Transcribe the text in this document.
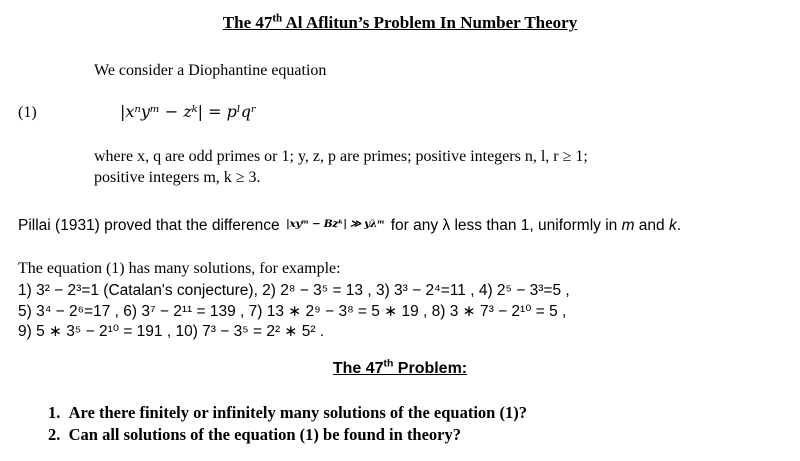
The 47th Al Aflitun’s Problem In Number Theory
We consider a Diophantine equation
(1)	|xⁿyᵐ − zᵏ| = pˡqʳ
where x, q are odd primes or 1; y, z, p are primes; positive integers n, l, r ≥ 1;
positive integers m, k ≥ 3.
Pillai (1931) proved that the difference |xyᵐ − Bzᵏ| ≫ yλᵐ for any λ less than 1, uniformly in m and k.
The equation (1) has many solutions, for example:
1) 3² − 2³=1 (Catalan's conjecture), 2) 2⁸ − 3⁵ = 13 , 3) 3³ − 2⁴=11 , 4) 2⁵ − 3³=5 ,
5) 3⁴ − 2⁶=17 , 6) 3⁷ − 2¹¹ = 139 , 7) 13 ∗ 2⁹ − 3⁸ = 5 ∗ 19 , 8) 3 ∗ 7³ − 2¹⁰ = 5 ,
9) 5 ∗ 3⁵ − 2¹⁰ = 191 , 10) 7³ − 3⁵ = 2² ∗ 5² .
The 47th Problem:
1. Are there finitely or infinitely many solutions of the equation (1)?
2. Can all solutions of the equation (1) be found in theory?
